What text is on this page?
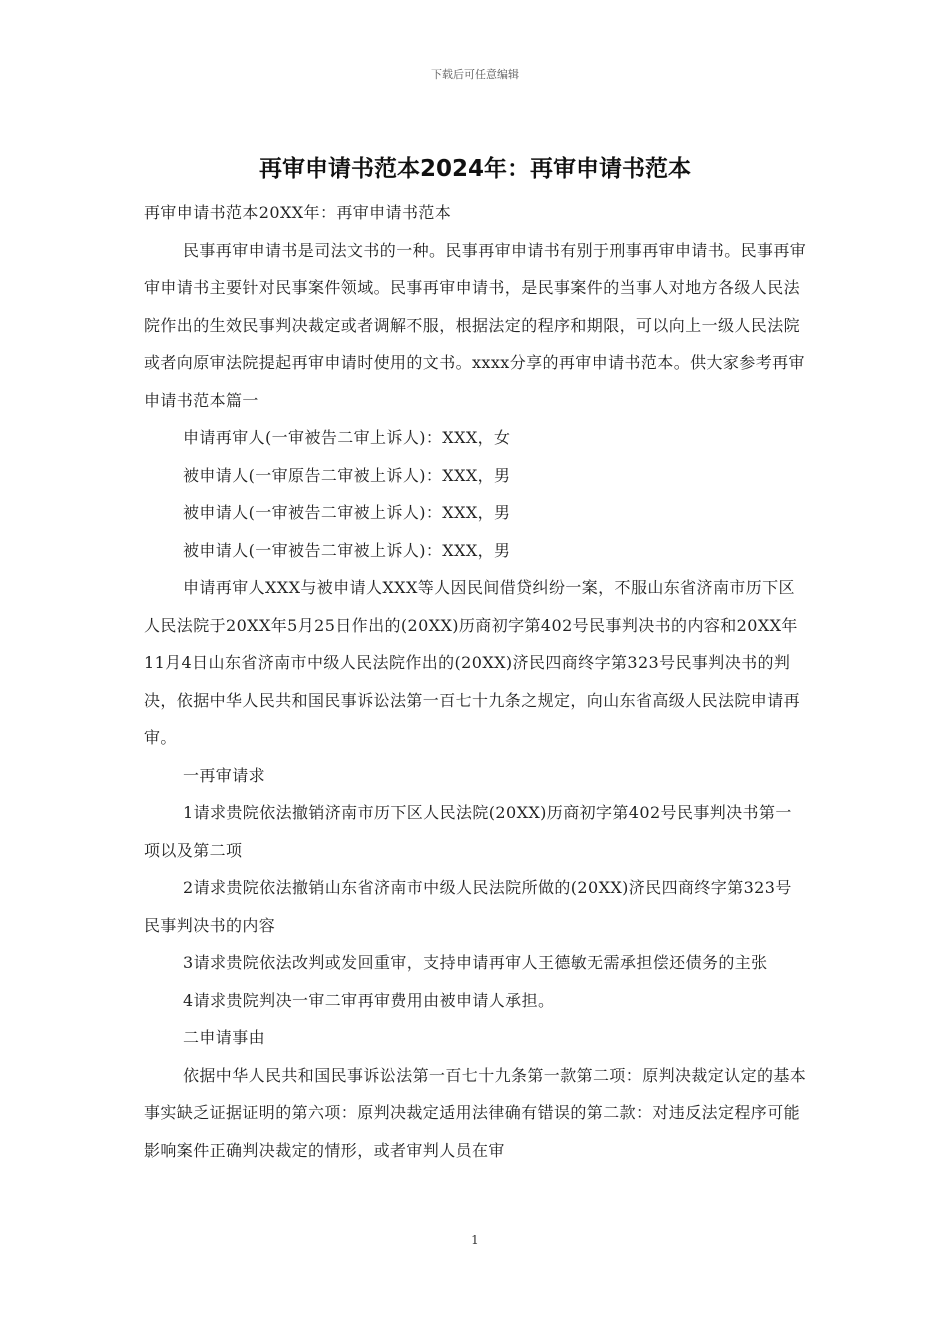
下载后可任意编辑
再审申请书范本2024年：再审申请书范本

再审申请书范本20XX年：再审申请书范本

民事再审申请书是司法文书的一种。民事再审申请书有别于刑事再审申请书。民事再审审申请书主要针对民事案件领域。民事再审申请书，是民事案件的当事人对地方各级人民法院作出的生效民事判决裁定或者调解不服，根据法定的程序和期限，可以向上一级人民法院或者向原审法院提起再审申请时使用的文书。xxxx分享的再审申请书范本。供大家参考再审申请书范本篇一

申请再审人(一审被告二审上诉人)：XXX，女

被申请人(一审原告二审被上诉人)：XXX，男

被申请人(一审被告二审被上诉人)：XXX，男

被申请人(一审被告二审被上诉人)：XXX，男

申请再审人XXX与被申请人XXX等人因民间借贷纠纷一案，不服山东省济南市历下区人民法院于20XX年5月25日作出的(20XX)历商初字第402号民事判决书的内容和20XX年11月4日山东省济南市中级人民法院作出的(20XX)济民四商终字第323号民事判决书的判决，依据中华人民共和国民事诉讼法第一百七十九条之规定，向山东省高级人民法院申请再审。

一再审请求

1请求贵院依法撤销济南市历下区人民法院(20XX)历商初字第402号民事判决书第一项以及第二项

2请求贵院依法撤销山东省济南市中级人民法院所做的(20XX)济民四商终字第323号民事判决书的内容

3请求贵院依法改判或发回重审，支持申请再审人王德敏无需承担偿还债务的主张

4请求贵院判决一审二审再审费用由被申请人承担。

二申请事由

依据中华人民共和国民事诉讼法第一百七十九条第一款第二项：原判决裁定认定的基本事实缺乏证据证明的第六项：原判决裁定适用法律确有错误的第二款：对违反法定程序可能影响案件正确判决裁定的情形，或者审判人员在审

1
